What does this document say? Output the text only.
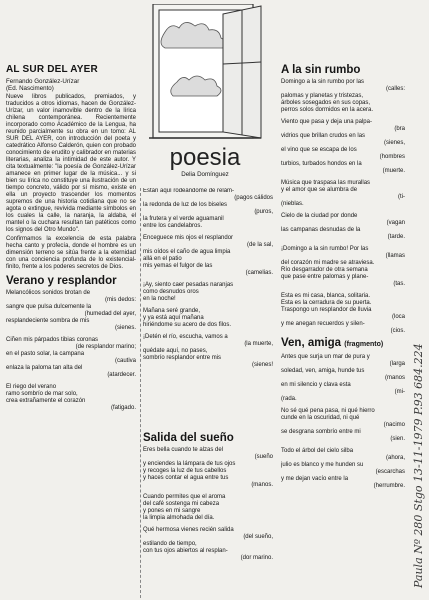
poesia
Delia Domínguez
AL SUR DEL AYER

Fernando González-Urízar

(Ed. Nascimento)

Nueve libros publicados, premiados, y traducidos a otros idiomas, hacen de González-Urízar, un valor inamovible dentro de la lírica chilena contemporánea. Recientemente incorporado como Académico de la Lengua, ha reunido parcialmente su obra en un tomo: AL SUR DEL AYER, con introducción del poeta y catedrático Alfonso Calderón, quien con probado conocimiento de erudito y calibrador en materias literarias, analiza la intimidad de este autor. Y cita textualmente: "la poesía de González-Urízar amanece en primer lugar de la música... y si bien su lírica no constituye una ilustración de un tiempo concreto, válido por sí mismo, existe en ella un proyecto trascender los momentos supremos de una historia cotidiana que no se agota o extingue, revivida mediante símbolos en los cuales la calle, la naranja, la aldaba, el mantel o la cuchara resultan tan patéticos como los signos del Otro Mundo".

Confirmamos la excelencia de esta palabra hecha canto y profecía, donde el hombre es un dimensión terreno se sitúa frente a la eternidad con una conciencia profunda de lo existencial-finito, frente a los poderes secretos de Dios.

Verano y resplandor
Melancólicos sonidos brotan de
(mis dedos:
sangre que pulsa dulcemente la
(humedad del ayer,
resplandeciente sombra de mis
(sienes.
Ciñen mis párpados tibias coronas
(de resplandor marino;
en el pasto solar, la campana
(cautiva
enlaza la paloma tan alta del
(atardecer.
El riego del verano
ramo sombrío de mar solo,
crea extrañamente el corazón
(fatigado.
Están aquí rodeándome de relám-
(pagos cálidos
la redonda de luz de los biseles
(puros,
la frutera y el verde aguamanil
entre los candelabros.
Enceguece mis ojos el resplandor
(de la sal,
mis oídos el caño de agua limpia
allá en el patio
mis yemas el fulgor de las
(camelias.
¡Ay, siento caer pesadas naranjas
como desnudos oros
en la noche!
Mañana seré grande,
y ya está aquí mañana
hiriéndome su acero de dos filos.
¡Detén el río, escucha, vamos a
(la muerte,
quédate aquí, no pases,
sombrío resplandor entre mis
(sienes!
Salida del sueño
Eres bella cuando te alzas del
(sueño
y enciendes la lámpara de tus ojos
y recoges la luz de tus cabellos
y haces contar el agua entre tus
(manos.
Cuando permites que el aroma
del café sostenga mi cabeza
y pones en mi sangre
la limpia almohada del día.
Qué hermosa vienes recién salida
(del sueño,
estilando de tiempo,
con tus ojos abiertos al resplan-
(dor marino.
A la sin rumbo
Domingo a la sin rumbo por las
(calles:
palomas y planetas y tristezas,
árboles sosegados en sus copas,
perros solos dormidos en la acera.
Viento que pasa y deja una palpa-
(bra
vidrios que brillan crudos en las
(sienes,
el vino que se escapa de los
(hombres
turbios, turbados hondos en la
(muerte.
Música que traspasa las murallas
y el amor que se alumbra de
(ti-
(nieblas.
Cielo de la ciudad por donde
(vagan
las campanas desnudas de la
(tarde.
¡Domingo a la sin rumbo! Por las
(llamas
del corazón mi madre se atraviesa.
Río desgarrador de otra semana
que pase entre palomas y plane-
(tas.
Esta es mi casa, blanca, solitaria.
Esta es la cerradura de su puerta.
Traspongo un resplandor de lluvia
(loca
y me anegan recuerdos y silen-
(cios.
Ven, amiga (fragmento)
Antes que surja un mar de pura y
(larga
soledad, ven, amiga, hunde tus
(manos
en mi silencio y clava esta
(mi-
(rada.
No sé qué pena pasa, ni qué hierro
cunde en la oscuridad, ni qué
(nacimo
se desgrana sombrío entre mi
(sien.
Todo el árbol del cielo silba
(ahora,
julio es blanco y me hunden su
(escarchas
y me dejan vacío entre la
(herrumbre. Paula Nº 280 Stgo 13-11-1979 P.93 684.224
